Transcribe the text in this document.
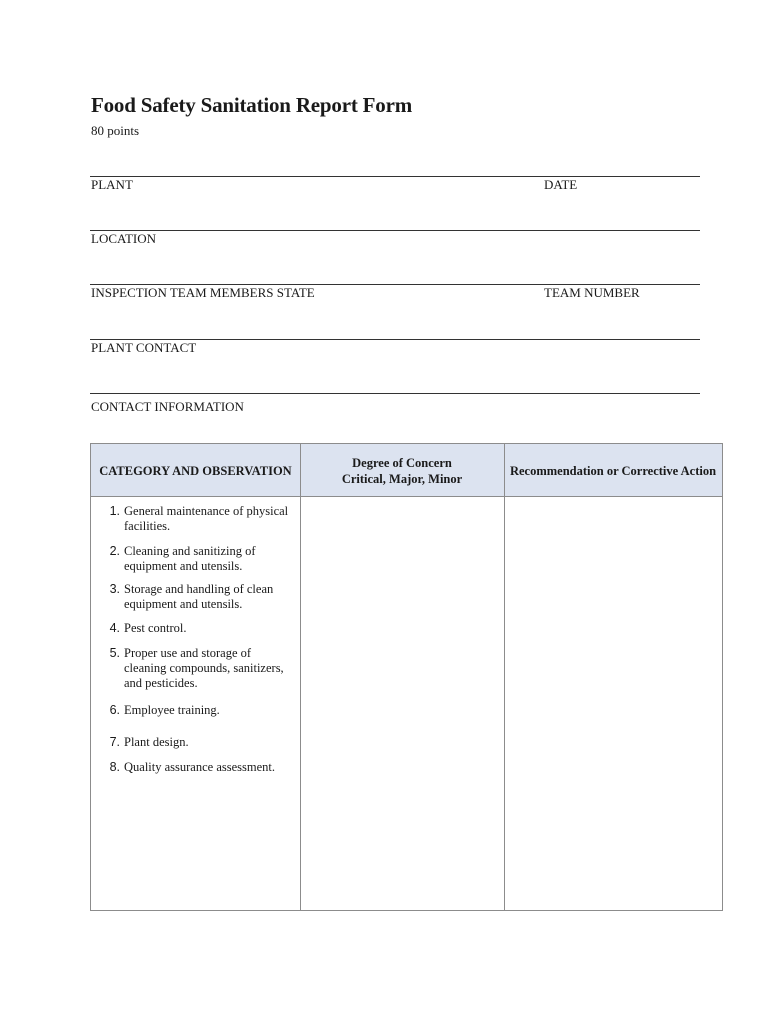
Food Safety Sanitation Report Form
80 points
PLANT	DATE
LOCATION
INSPECTION TEAM MEMBERS STATE	TEAM NUMBER
PLANT CONTACT
CONTACT INFORMATION
CATEGORY AND OBSERVATION
Degree of Concern
Critical, Major, Minor
Recommendation or Corrective Action
1. General maintenance of physical facilities.
2. Cleaning and sanitizing of equipment and utensils.
3. Storage and handling of clean equipment and utensils.
4. Pest control.
5. Proper use and storage of cleaning compounds, sanitizers, and pesticides.
6. Employee training.
7. Plant design.
8. Quality assurance assessment.
